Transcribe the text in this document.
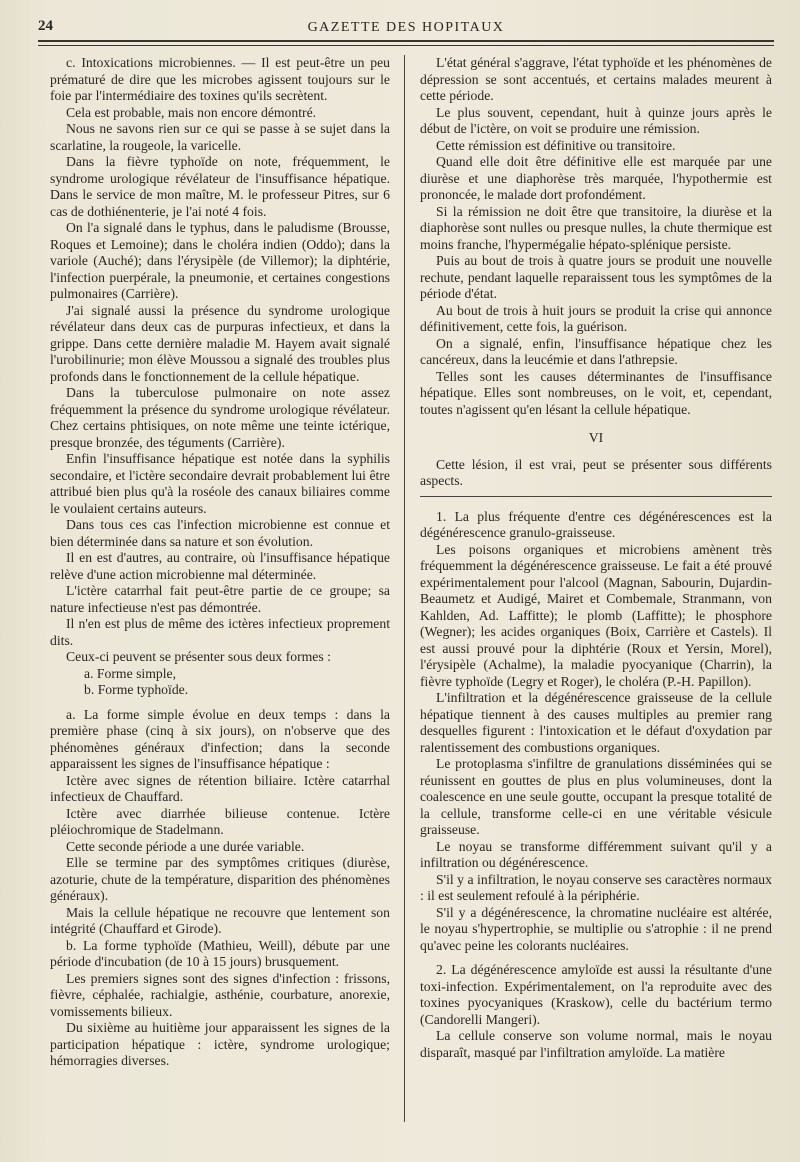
24	GAZETTE DES HOPITAUX

c. Intoxications microbiennes. — Il est peut-être un peu prématuré de dire que les microbes agissent toujours sur le foie par l'intermédiaire des toxines qu'ils secrètent.

Cela est probable, mais non encore démontré.

Nous ne savons rien sur ce qui se passe à se sujet dans la scarlatine, la rougeole, la varicelle.

Dans la fièvre typhoïde on note, fréquemment, le syndrome urologique révélateur de l'insuffisance hépatique. Dans le service de mon maître, M. le professeur Pitres, sur 6 cas de dothiénenterie, je l'ai noté 4 fois.

On l'a signalé dans le typhus, dans le paludisme (Brousse, Roques et Lemoine); dans le choléra indien (Oddo); dans la variole (Auché); dans l'érysipèle (de Villemor); la diphtérie, l'infection puerpérale, la pneumonie, et certaines congestions pulmonaires (Carrière).

J'ai signalé aussi la présence du syndrome urologique révélateur dans deux cas de purpuras infectieux, et dans la grippe. Dans cette dernière maladie M. Hayem avait signalé l'urobilinurie; mon élève Moussou a signalé des troubles plus profonds dans le fonctionnement de la cellule hépatique.

Dans la tuberculose pulmonaire on note assez fréquemment la présence du syndrome urologique révélateur. Chez certains phtisiques, on note même une teinte ictérique, presque bronzée, des téguments (Carrière).

Enfin l'insuffisance hépatique est notée dans la syphilis secondaire, et l'ictère secondaire devrait probablement lui être attribué bien plus qu'à la roséole des canaux biliaires comme le voulaient certains auteurs.

Dans tous ces cas l'infection microbienne est connue et bien déterminée dans sa nature et son évolution.

Il en est d'autres, au contraire, où l'insuffisance hépatique relève d'une action microbienne mal déterminée.

L'ictère catarrhal fait peut-être partie de ce groupe; sa nature infectieuse n'est pas démontrée.

Il n'en est plus de même des ictères infectieux proprement dits.

Ceux-ci peuvent se présenter sous deux formes :

a. Forme simple,

b. Forme typhoïde.

a. La forme simple évolue en deux temps : dans la première phase (cinq à six jours), on n'observe que des phénomènes généraux d'infection; dans la seconde apparaissent les signes de l'insuffisance hépatique :

Ictère avec signes de rétention biliaire. Ictère catarrhal infectieux de Chauffard.

Ictère avec diarrhée bilieuse contenue. Ictère pléiochromique de Stadelmann.

Cette seconde période a une durée variable.

Elle se termine par des symptômes critiques (diurèse, azoturie, chute de la température, disparition des phénomènes généraux).

Mais la cellule hépatique ne recouvre que lentement son intégrité (Chauffard et Girode).

b. La forme typhoïde (Mathieu, Weill), débute par une période d'incubation (de 10 à 15 jours) brusquement.

Les premiers signes sont des signes d'infection : frissons, fièvre, céphalée, rachialgie, asthénie, courbature, anorexie, vomissements bilieux.

Du sixième au huitième jour apparaissent les signes de la participation hépatique : ictère, syndrome urologique; hémorragies diverses.

L'état général s'aggrave, l'état typhoïde et les phénomènes de dépression se sont accentués, et certains malades meurent à cette période.

Le plus souvent, cependant, huit à quinze jours après le début de l'ictère, on voit se produire une rémission.

Cette rémission est définitive ou transitoire.

Quand elle doit être définitive elle est marquée par une diurèse et une diaphorèse très marquée, l'hypothermie est prononcée, le malade dort profondément.

Si la rémission ne doit être que transitoire, la diurèse et la diaphorèse sont nulles ou presque nulles, la chute thermique est moins franche, l'hypermégalie hépato-splénique persiste.

Puis au bout de trois à quatre jours se produit une nouvelle rechute, pendant laquelle reparaissent tous les symptômes de la période d'état.

Au bout de trois à huit jours se produit la crise qui annonce définitivement, cette fois, la guérison.

On a signalé, enfin, l'insuffisance hépatique chez les cancéreux, dans la leucémie et dans l'athrepsie.

Telles sont les causes déterminantes de l'insuffisance hépatique. Elles sont nombreuses, on le voit, et, cependant, toutes n'agissent qu'en lésant la cellule hépatique.

VI

Cette lésion, il est vrai, peut se présenter sous différents aspects.

1. La plus fréquente d'entre ces dégénérescences est la dégénérescence granulo-graisseuse.

Les poisons organiques et microbiens amènent très fréquemment la dégénérescence graisseuse. Le fait a été prouvé expérimentalement pour l'alcool (Magnan, Sabourin, Dujardin-Beaumetz et Audigé, Mairet et Combemale, Stranmann, von Kahlden, Ad. Laffitte); le plomb (Laffitte); le phosphore (Wegner); les acides organiques (Boix, Carrière et Castels). Il est aussi prouvé pour la diphtérie (Roux et Yersin, Morel), l'érysipèle (Achalme), la maladie pyocyanique (Charrin), la fièvre typhoïde (Legry et Roger), le choléra (P.-H. Papillon).

L'infiltration et la dégénérescence graisseuse de la cellule hépatique tiennent à des causes multiples au premier rang desquelles figurent : l'intoxication et le défaut d'oxydation par ralentissement des combustions organiques.

Le protoplasma s'infiltre de granulations disséminées qui se réunissent en gouttes de plus en plus volumineuses, dont la coalescence en une seule goutte, occupant la presque totalité de la cellule, transforme celle-ci en une véritable vésicule graisseuse.

Le noyau se transforme différemment suivant qu'il y a infiltration ou dégénérescence.

S'il y a infiltration, le noyau conserve ses caractères normaux : il est seulement refoulé à la périphérie.

S'il y a dégénérescence, la chromatine nucléaire est altérée, le noyau s'hypertrophie, se multiplie ou s'atrophie : il ne prend qu'avec peine les colorants nucléaires.

2. La dégénérescence amyloïde est aussi la résultante d'une toxi-infection. Expérimentalement, on l'a reproduite avec des toxines pyocyaniques (Kraskow), celle du bactérium termo (Candorelli Mangeri).

La cellule conserve son volume normal, mais le noyau disparaît, masqué par l'infiltration amyloïde. La matière
